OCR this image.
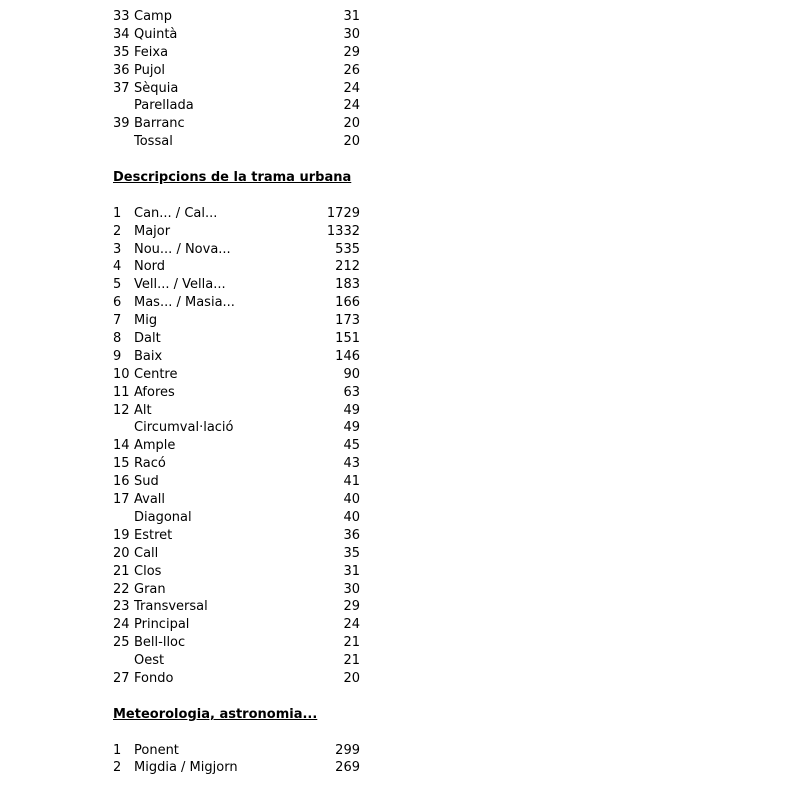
33 Camp	31
34 Quintà	30
35 Feixa	29
36 Pujol	26
37 Sèquia	24
Parellada	24
39 Barranc	20
Tossal	20
Descripcions de la trama urbana
1 Can... / Cal...	1729
2 Major	1332
3 Nou... / Nova...	535
4 Nord	212
5 Vell... / Vella...	183
6 Mas... / Masia...	166
7 Mig	173
8 Dalt	151
9 Baix	146
10 Centre	90
11 Afores	63
12 Alt	49
Circumval·lació	49
14 Ample	45
15 Racó	43
16 Sud	41
17 Avall	40
Diagonal	40
19 Estret	36
20 Call	35
21 Clos	31
22 Gran	30
23 Transversal	29
24 Principal	24
25 Bell-lloc	21
Oest	21
27 Fondo	20
Meteorologia, astronomia...
1 Ponent	299
2 Migdia / Migjorn	269
